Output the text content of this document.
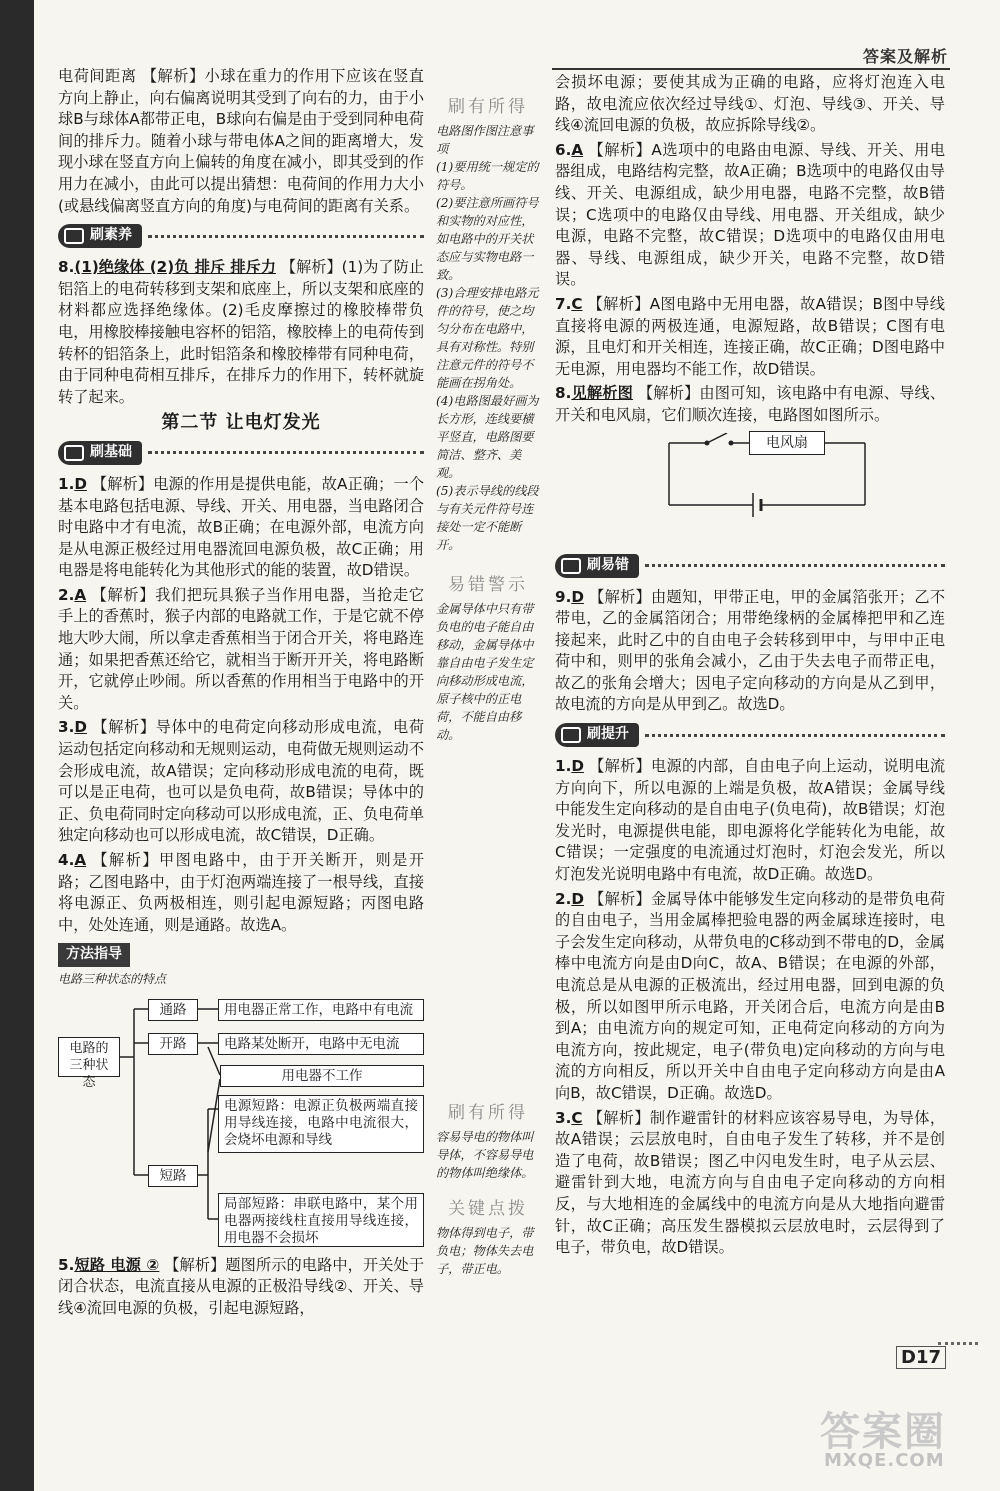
答案及解析

电荷间距离 【解析】小球在重力的作用下应该在竖直方向上静止，向右偏离说明其受到了向右的力，由于小球B与球体A都带正电，B球向右偏是由于受到同种电荷间的排斥力。随着小球与带电体A之间的距离增大，发现小球在竖直方向上偏转的角度在减小，即其受到的作用力在减小，由此可以提出猜想：电荷间的作用力大小(或悬线偏离竖直方向的角度)与电荷间的距离有关系。

刷素养

8.(1)绝缘体 (2)负 排斥 排斥力 【解析】(1)为了防止铝箔上的电荷转移到支架和底座上，所以支架和底座的材料都应选择绝缘体。(2)毛皮摩擦过的橡胶棒带负电，用橡胶棒接触电容杯的铝箔，橡胶棒上的电荷传到转杯的铝箔条上，此时铝箔条和橡胶棒带有同种电荷，由于同种电荷相互排斥，在排斥力的作用下，转杯就旋转了起来。

第二节 让电灯发光
刷基础

1.D 【解析】电源的作用是提供电能，故A正确；一个基本电路包括电源、导线、开关、用电器，当电路闭合时电路中才有电流，故B正确；在电源外部，电流方向是从电源正极经过用电器流回电源负极，故C正确；用电器是将电能转化为其他形式的能的装置，故D错误。

2.A 【解析】我们把玩具猴子当作用电器，当抢走它手上的香蕉时，猴子内部的电路就工作，于是它就不停地大吵大闹，所以拿走香蕉相当于闭合开关，将电路连通；如果把香蕉还给它，就相当于断开开关，将电路断开，它就停止吵闹。所以香蕉的作用相当于电路中的开关。

3.D 【解析】导体中的电荷定向移动形成电流，电荷运动包括定向移动和无规则运动，电荷做无规则运动不会形成电流，故A错误；定向移动形成电流的电荷，既可以是正电荷，也可以是负电荷，故B错误；导体中的正、负电荷同时定向移动可以形成电流，正、负电荷单独定向移动也可以形成电流，故C错误，D正确。

4.A 【解析】甲图电路中，由于开关断开，则是开路；乙图电路中，由于灯泡两端连接了一根导线，直接将电源正、负两极相连，则引起电源短路；丙图电路中，处处连通，则是通路。故选A。

方法指导
电路三种状态的特点
电路的三种状态
通路
开路
短路
用电器正常工作，电路中有电流
电路某处断开，电路中无电流
用电器不工作
电源短路：电源正负极两端直接用导线连接，电路中电流很大，会烧坏电源和导线
局部短路：串联电路中，某个用电器两接线柱直接用导线连接，用电器不会损坏

5.短路 电源 ② 【解析】题图所示的电路中，开关处于闭合状态，电流直接从电源的正极沿导线②、开关、导线④流回电源的负极，引起电源短路，

刷有所得

电路图作图注意事项

(1)要用统一规定的符号。

(2)要注意所画符号和实物的对应性，如电路中的开关状态应与实物电路一致。

(3)合理安排电路元件的符号，使之均匀分布在电路中，具有对称性。特别注意元件的符号不能画在拐角处。

(4)电路图最好画为长方形，连线要横平竖直，电路图要简洁、整齐、美观。

(5)表示导线的线段与有关元件符号连接处一定不能断开。

易错警示

金属导体中只有带负电的电子能自由移动，金属导体中靠自由电子发生定向移动形成电流，原子核中的正电荷，不能自由移动。

刷有所得

容易导电的物体叫导体，不容易导电的物体叫绝缘体。

关键点拨

物体得到电子，带负电；物体失去电子，带正电。

会损坏电源；要使其成为正确的电路，应将灯泡连入电路，故电流应依次经过导线①、灯泡、导线③、开关、导线④流回电源的负极，故应拆除导线②。

6.A 【解析】A选项中的电路由电源、导线、开关、用电器组成，电路结构完整，故A正确；B选项中的电路仅由导线、开关、电源组成，缺少用电器，电路不完整，故B错误；C选项中的电路仅由导线、用电器、开关组成，缺少电源，电路不完整，故C错误；D选项中的电路仅由用电器、导线、电源组成，缺少开关，电路不完整，故D错误。

7.C 【解析】A图电路中无用电器，故A错误；B图中导线直接将电源的两极连通，电源短路，故B错误；C图有电源，且电灯和开关相连，连接正确，故C正确；D图电路中无电源，用电器均不能工作，故D错误。

8.见解析图 【解析】由图可知，该电路中有电源、导线、开关和电风扇，它们顺次连接，电路图如图所示。

电风扇
刷易错

9.D 【解析】由题知，甲带正电，甲的金属箔张开；乙不带电，乙的金属箔闭合；用带绝缘柄的金属棒把甲和乙连接起来，此时乙中的自由电子会转移到甲中，与甲中正电荷中和，则甲的张角会减小，乙由于失去电子而带正电，故乙的张角会增大；因电子定向移动的方向是从乙到甲，故电流的方向是从甲到乙。故选D。

刷提升

1.D 【解析】电源的内部，自由电子向上运动，说明电流方向向下，所以电源的上端是负极，故A错误；金属导线中能发生定向移动的是自由电子(负电荷)，故B错误；灯泡发光时，电源提供电能，即电源将化学能转化为电能，故C错误；一定强度的电流通过灯泡时，灯泡会发光，所以灯泡发光说明电路中有电流，故D正确。故选D。

2.D 【解析】金属导体中能够发生定向移动的是带负电荷的自由电子，当用金属棒把验电器的两金属球连接时，电子会发生定向移动，从带负电的C移动到不带电的D，金属棒中电流方向是由D向C，故A、B错误；在电源的外部，电流总是从电源的正极流出，经过用电器，回到电源的负极，所以如图甲所示电路，开关闭合后，电流方向是由B到A；由电流方向的规定可知，正电荷定向移动的方向为电流方向，按此规定，电子(带负电)定向移动的方向与电流的方向相反，所以开关中自由电子定向移动方向是由A向B，故C错误，D正确。故选D。

3.C 【解析】制作避雷针的材料应该容易导电，为导体，故A错误；云层放电时，自由电子发生了转移，并不是创造了电荷，故B错误；图乙中闪电发生时，电子从云层、避雷针到大地，电流方向与自由电子定向移动的方向相反，与大地相连的金属线中的电流方向是从大地指向避雷针，故C正确；高压发生器模拟云层放电时，云层得到了电子，带负电，故D错误。

D17
答案圈
MXQE.COM
